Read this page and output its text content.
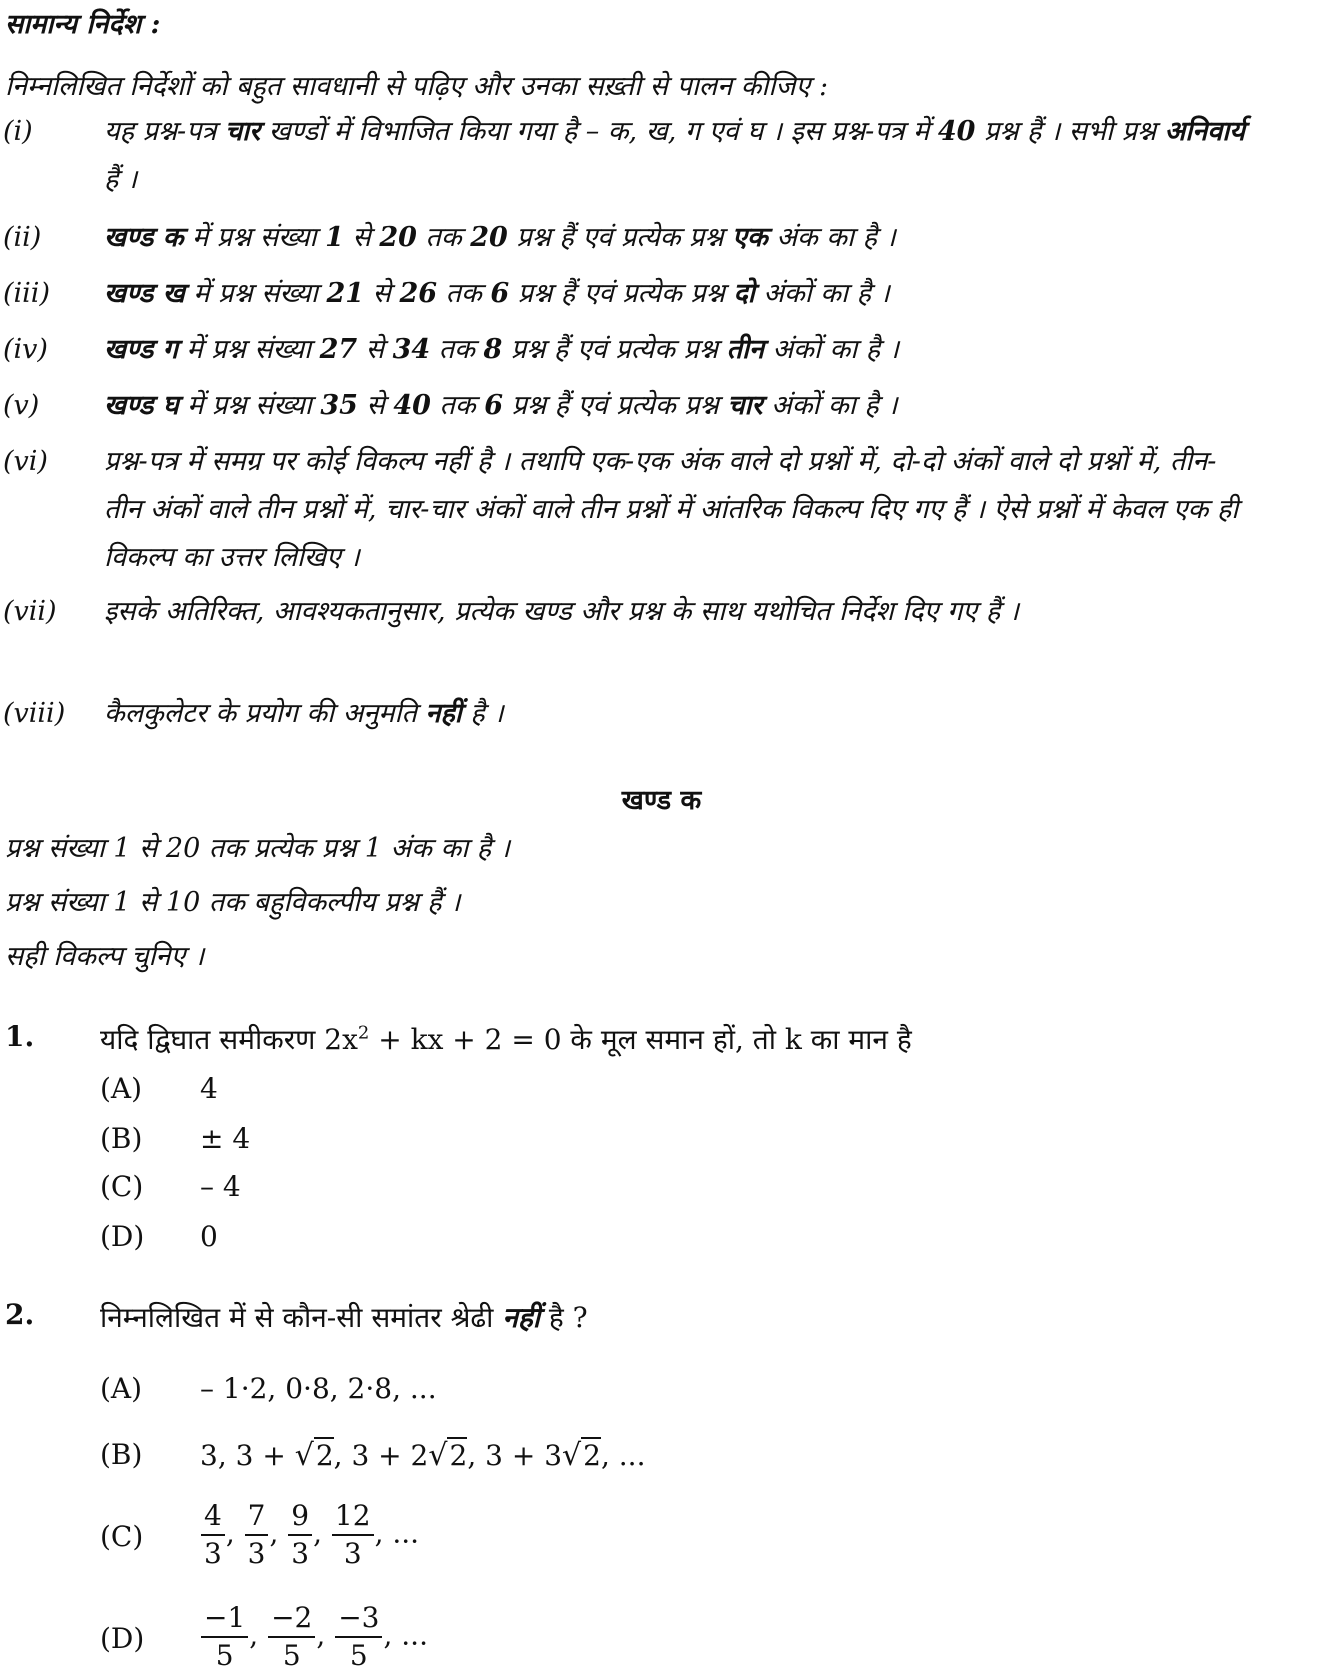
सामान्य निर्देश :
निम्नलिखित निर्देशों को बहुत सावधानी से पढ़िए और उनका सख़्ती से पालन कीजिए :
(i)	यह प्रश्न-पत्र चार खण्डों में विभाजित किया गया है – क, ख, ग एवं घ । इस प्रश्न-पत्र में 40 प्रश्न हैं । सभी प्रश्न अनिवार्य हैं ।
(ii) खण्ड क में प्रश्न संख्या 1 से 20 तक 20 प्रश्न हैं एवं प्रत्येक प्रश्न एक अंक का है ।
(iii) खण्ड ख में प्रश्न संख्या 21 से 26 तक 6 प्रश्न हैं एवं प्रत्येक प्रश्न दो अंकों का है ।
(iv) खण्ड ग में प्रश्न संख्या 27 से 34 तक 8 प्रश्न हैं एवं प्रत्येक प्रश्न तीन अंकों का है ।
(v) खण्ड घ में प्रश्न संख्या 35 से 40 तक 6 प्रश्न हैं एवं प्रत्येक प्रश्न चार अंकों का है ।
(vi) प्रश्न-पत्र में समग्र पर कोई विकल्प नहीं है । तथापि एक-एक अंक वाले दो प्रश्नों में, दो-दो अंकों वाले दो प्रश्नों में, तीन-तीन अंकों वाले तीन प्रश्नों में, चार-चार अंकों वाले तीन प्रश्नों में आंतरिक विकल्प दिए गए हैं । ऐसे प्रश्नों में केवल एक ही विकल्प का उत्तर लिखिए ।
(vii) इसके अतिरिक्त, आवश्यकतानुसार, प्रत्येक खण्ड और प्रश्न के साथ यथोचित निर्देश दिए गए हैं ।
(viii) कैलकुलेटर के प्रयोग की अनुमति नहीं है ।
खण्ड क
प्रश्न संख्या 1 से 20 तक प्रत्येक प्रश्न 1 अंक का है ।
प्रश्न संख्या 1 से 10 तक बहुविकल्पीय प्रश्न हैं ।
सही विकल्प चुनिए ।
1. यदि द्विघात समीकरण $2x^2$ + kx + 2 = 0 के मूल समान हों, तो k का मान है
(A) 4
(B) ± 4
(C) – 4
(D) 0
2. निम्नलिखित में से कौन-सी समांतर श्रेढी नहीं है ?
(A) – 1·2, 0·8, 2·8, ...
(B) 3, 3 + √2, 3 + 2√2, 3 + 3√2, ...
$(C) \frac{4}{3}$ , $\frac{7}{3}$ , $\frac{9}{3}$ , $\frac{12}{3}$ , ...
$(D) \frac{-1}{5}$ , $\frac{-2}{5}$ , $\frac{-3}{5}$ , ...
